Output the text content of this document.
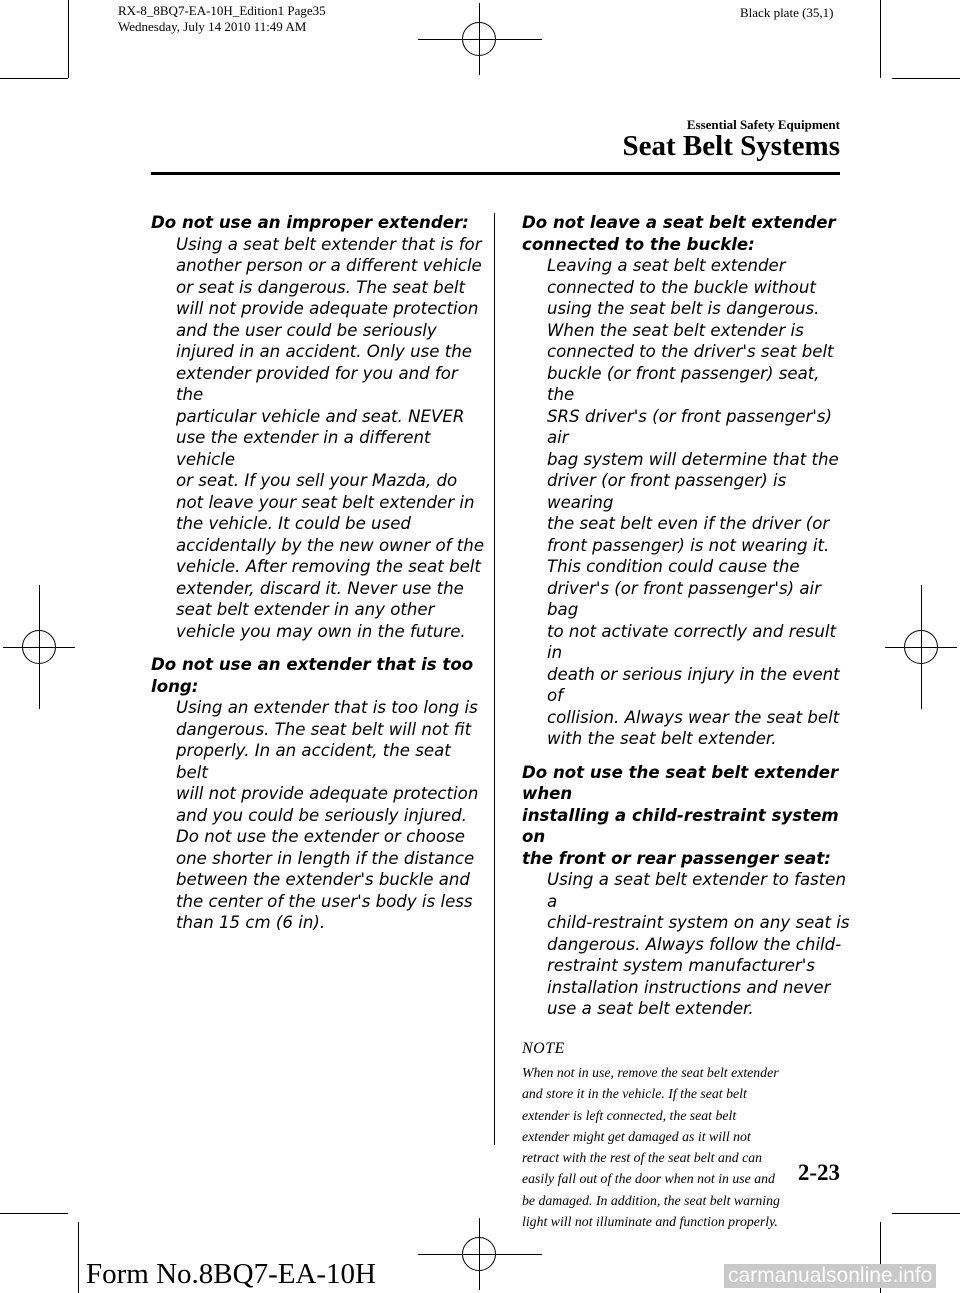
RX-8_8BQ7-EA-10H_Edition1 Page35
Wednesday, July 14 2010 11:49 AM
Black plate (35,1)
Essential Safety Equipment
Seat Belt Systems
Do not use an improper extender:
Using a seat belt extender that is for
another person or a different vehicle
or seat is dangerous. The seat belt
will not provide adequate protection
and the user could be seriously
injured in an accident. Only use the
extender provided for you and for the
particular vehicle and seat. NEVER
use the extender in a different vehicle
or seat. If you sell your Mazda, do
not leave your seat belt extender in
the vehicle. It could be used
accidentally by the new owner of the
vehicle. After removing the seat belt
extender, discard it. Never use the
seat belt extender in any other
vehicle you may own in the future.
Do not use an extender that is too
long:
Using an extender that is too long is
dangerous. The seat belt will not fit
properly. In an accident, the seat belt
will not provide adequate protection
and you could be seriously injured.
Do not use the extender or choose
one shorter in length if the distance
between the extender's buckle and
the center of the user's body is less
than 15 cm (6 in).
Do not leave a seat belt extender
connected to the buckle:
Leaving a seat belt extender
connected to the buckle without
using the seat belt is dangerous.
When the seat belt extender is
connected to the driver's seat belt
buckle (or front passenger) seat, the
SRS driver's (or front passenger's) air
bag system will determine that the
driver (or front passenger) is wearing
the seat belt even if the driver (or
front passenger) is not wearing it.
This condition could cause the
driver's (or front passenger's) air bag
to not activate correctly and result in
death or serious injury in the event of
collision. Always wear the seat belt
with the seat belt extender.
Do not use the seat belt extender when
installing a child-restraint system on
the front or rear passenger seat:
Using a seat belt extender to fasten a
child-restraint system on any seat is
dangerous. Always follow the child-
restraint system manufacturer's
installation instructions and never
use a seat belt extender.
NOTE
When not in use, remove the seat belt extender
and store it in the vehicle. If the seat belt
extender is left connected, the seat belt
extender might get damaged as it will not
retract with the rest of the seat belt and can
easily fall out of the door when not in use and
be damaged. In addition, the seat belt warning
light will not illuminate and function properly.
2-23
Form No.8BQ7-EA-10H	carmanualsonline.info
